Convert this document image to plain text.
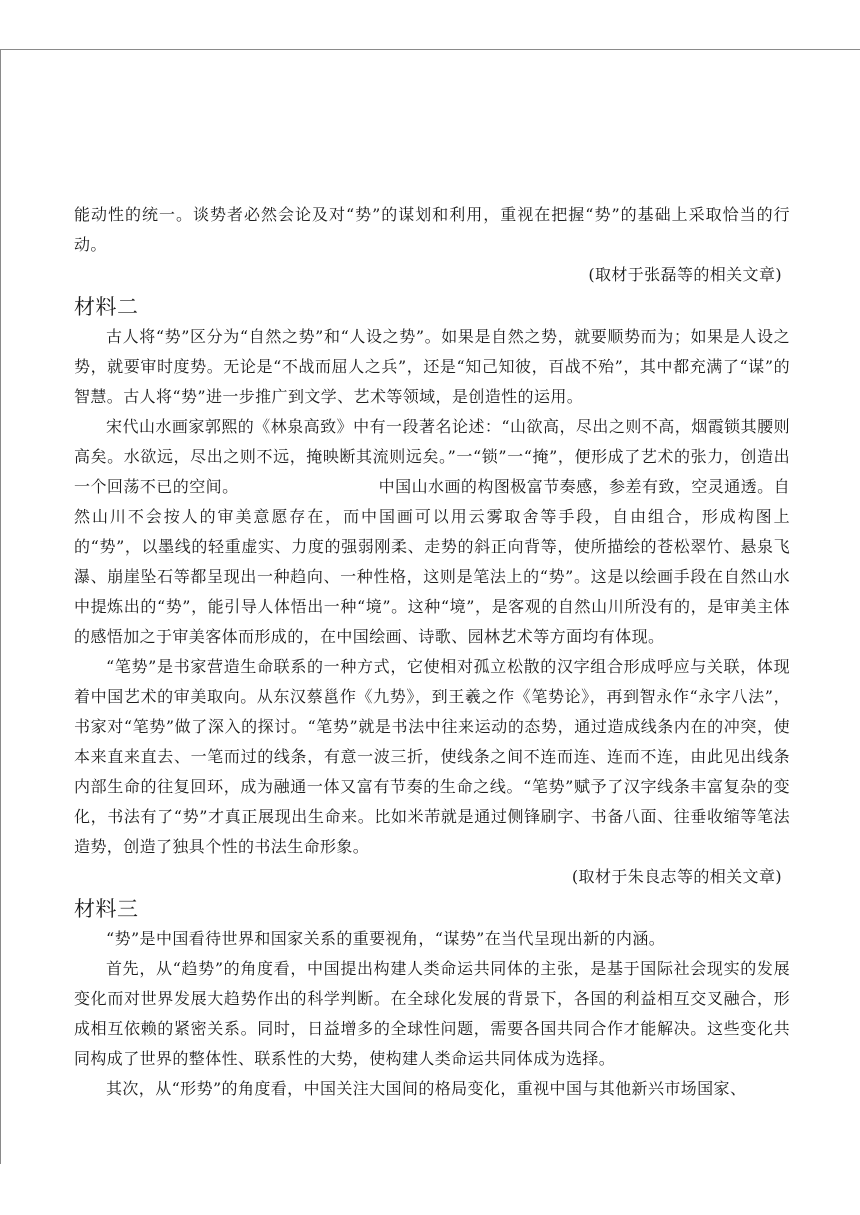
能动性的统一。谈势者必然会论及对“势”的谋划和利用，重视在把握“势”的基础上采取恰当的行动。

(取材于张磊等的相关文章)

材料二

古人将“势”区分为“自然之势”和“人设之势”。如果是自然之势，就要顺势而为；如果是人设之势，就要审时度势。无论是“不战而屈人之兵”，还是“知己知彼，百战不殆”，其中都充满了“谋”的智慧。古人将“势”进一步推广到文学、艺术等领域，是创造性的运用。

宋代山水画家郭熙的《林泉高致》中有一段著名论述：“山欲高，尽出之则不高，烟霞锁其腰则高矣。水欲远，尽出之则不远，掩映断其流则远矣。”一“锁”一“掩”，便形成了艺术的张力，创造出一个回荡不已的空间。　　　　　　　　　中国山水画的构图极富节奏感，参差有致，空灵通透。自然山川不会按人的审美意愿存在，而中国画可以用云雾取舍等手段，自由组合，形成构图上的“势”，以墨线的轻重虚实、力度的强弱刚柔、走势的斜正向背等，使所描绘的苍松翠竹、悬泉飞瀑、崩崖坠石等都呈现出一种趋向、一种性格，这则是笔法上的“势”。这是以绘画手段在自然山水中提炼出的“势”，能引导人体悟出一种“境”。这种“境”，是客观的自然山川所没有的，是审美主体的感悟加之于审美客体而形成的，在中国绘画、诗歌、园林艺术等方面均有体现。

“笔势”是书家营造生命联系的一种方式，它使相对孤立松散的汉字组合形成呼应与关联，体现着中国艺术的审美取向。从东汉蔡邕作《九势》，到王羲之作《笔势论》，再到智永作“永字八法”，书家对“笔势”做了深入的探讨。“笔势”就是书法中往来运动的态势，通过造成线条内在的冲突，使本来直来直去、一笔而过的线条，有意一波三折，使线条之间不连而连、连而不连，由此见出线条内部生命的往复回环，成为融通一体又富有节奏的生命之线。“笔势”赋予了汉字线条丰富复杂的变化，书法有了“势”才真正展现出生命来。比如米芾就是通过侧锋刷字、书备八面、往垂收缩等笔法造势，创造了独具个性的书法生命形象。

(取材于朱良志等的相关文章)

材料三

“势”是中国看待世界和国家关系的重要视角，“谋势”在当代呈现出新的内涵。

首先，从“趋势”的角度看，中国提出构建人类命运共同体的主张，是基于国际社会现实的发展变化而对世界发展大趋势作出的科学判断。在全球化发展的背景下，各国的利益相互交叉融合，形成相互依赖的紧密关系。同时，日益增多的全球性问题，需要各国共同合作才能解决。这些变化共同构成了世界的整体性、联系性的大势，使构建人类命运共同体成为选择。

其次，从“形势”的角度看，中国关注大国间的格局变化，重视中国与其他新兴市场国家、
